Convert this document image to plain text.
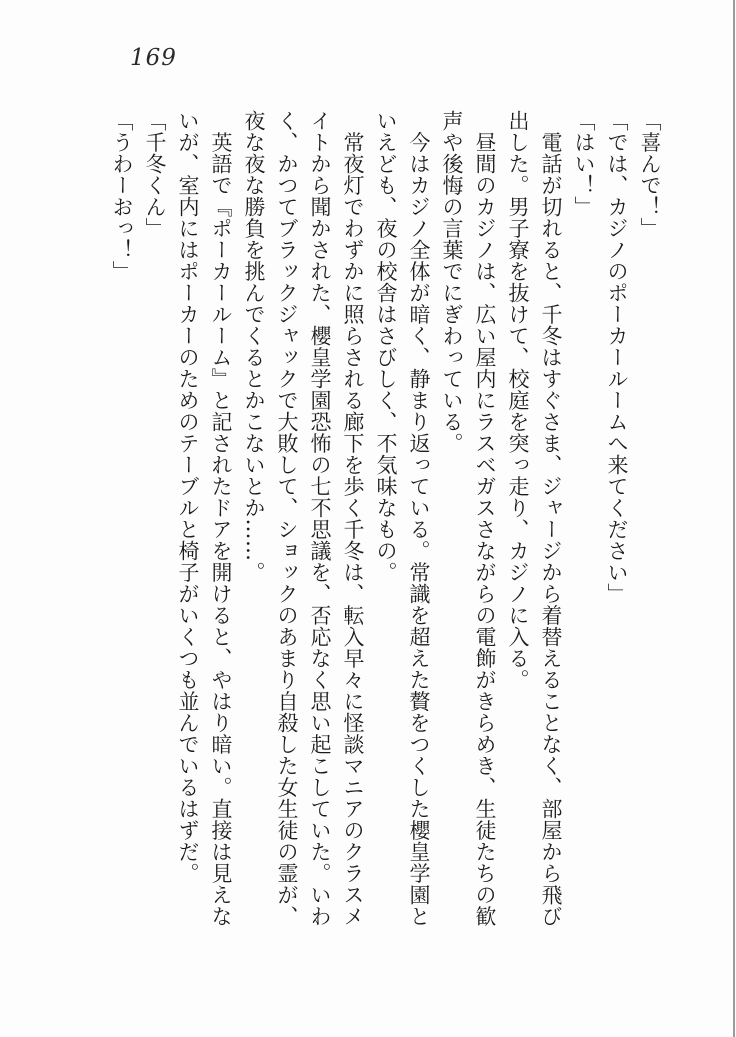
169
「喜んで！」
「では、カジノのポーカールームへ来てください」
「はい！」
　電話が切れると、千冬はすぐさま、ジャージから着替えることなく、部屋から飛び
出した。男子寮を抜けて、校庭を突っ走り、カジノに入る。
　昼間のカジノは、広い屋内にラスベガスさながらの電飾がきらめき、生徒たちの歓
声や後悔の言葉でにぎわっている。
　今はカジノ全体が暗く、静まり返っている。常識を超えた贅をつくした櫻皇学園と
いえども、夜の校舎はさびしく、不気味なもの。
　常夜灯でわずかに照らされる廊下を歩く千冬は、転入早々に怪談マニアのクラスメ
イトから聞かされた、櫻皇学園恐怖の七不思議を、否応なく思い起こしていた。いわ
く、かつてブラックジャックで大敗して、ショックのあまり自殺した女生徒の霊が、
夜な夜な勝負を挑んでくるとかこないとか……。
　英語で『ポーカールーム』と記されたドアを開けると、やはり暗い。直接は見えな
いが、室内にはポーカーのためのテーブルと椅子がいくつも並んでいるはずだ。
「千冬くん」
「うわーおっ！」
